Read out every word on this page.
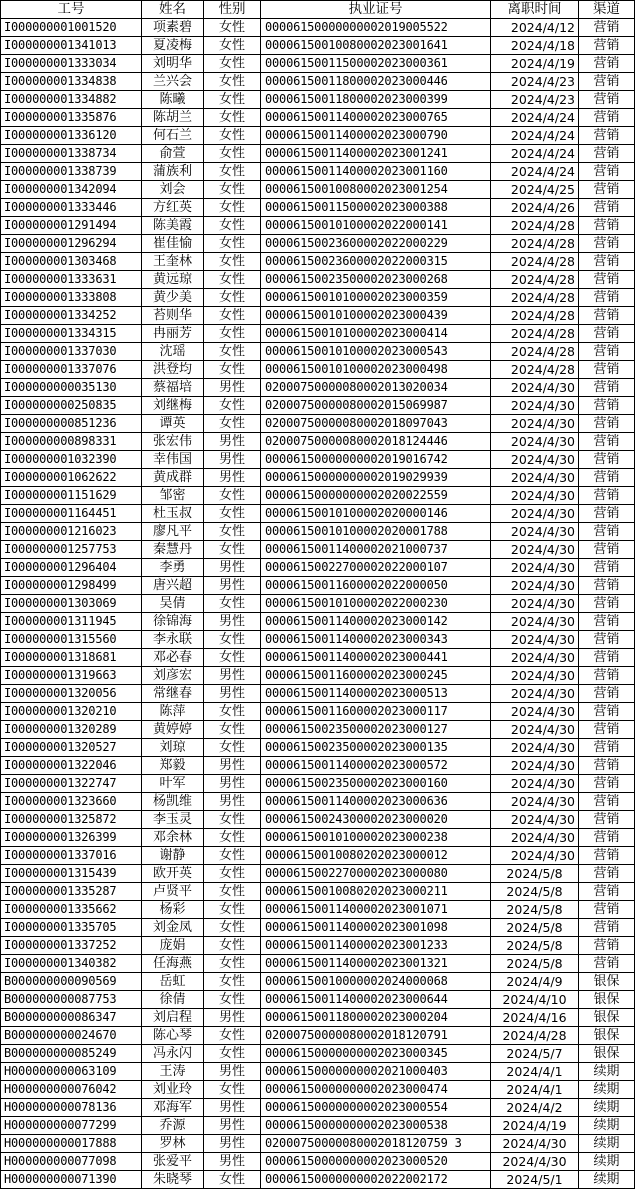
工号	姓名	性别	执业证号	离职时间	渠道
I000000001001520	项素碧	女性	00006150000000002019005522	2024/4/12	营销
I000000001341013	夏凌梅	女性	00006150010080002023001641	2024/4/18	营销
I000000001333034	刘明华	女性	00006150011500002023000361	2024/4/19	营销
I000000001334838	兰兴会	女性	00006150011800002023000446	2024/4/23	营销
I000000001334882	陈曦	女性	00006150011800002023000399	2024/4/23	营销
I000000001335876	陈胡兰	女性	00006150011400002023000765	2024/4/24	营销
I000000001336120	何石兰	女性	00006150011400002023000790	2024/4/24	营销
I000000001338734	俞萱	女性	00006150011400002023001241	2024/4/24	营销
I000000001338739	蒲族利	女性	00006150011400002023001160	2024/4/24	营销
I000000001342094	刘会	女性	00006150010080002023001254	2024/4/25	营销
I000000001333446	方红英	女性	00006150011500002023000388	2024/4/26	营销
I000000001291494	陈美霞	女性	00006150010100002022000141	2024/4/28	营销
I000000001296294	崔佳愉	女性	00006150023600002022000229	2024/4/28	营销
I000000001303468	王奎林	女性	00006150023600002022000315	2024/4/28	营销
I000000001333631	黄远琼	女性	00006150023500002023000268	2024/4/28	营销
I000000001333808	黄少美	女性	00006150010100002023000359	2024/4/28	营销
I000000001334252	苔则华	女性	00006150010100002023000439	2024/4/28	营销
I000000001334315	冉丽芳	女性	00006150010100002023000414	2024/4/28	营销
I000000001337030	沈瑶	女性	00006150010100002023000543	2024/4/28	营销
I000000001337076	洪登均	女性	00006150010100002023000498	2024/4/28	营销
I000000000035130	蔡福培	男性	02000750000080002013020034	2024/4/30	营销
I000000000250835	刘继梅	女性	02000750000080002015069987	2024/4/30	营销
I000000000851236	谭英	女性	02000750000080002018097043	2024/4/30	营销
I000000000898331	张宏伟	男性	02000750000080002018124446	2024/4/30	营销
I000000001032390	幸伟国	男性	00006150000000002019016742	2024/4/30	营销
I000000001062622	黄成群	男性	00006150000000002019029939	2024/4/30	营销
I000000001151629	邹密	女性	00006150000000002020022559	2024/4/30	营销
I000000001164451	杜玉叔	女性	00006150010100002020000146	2024/4/30	营销
I000000001216023	廖凡平	女性	00006150010100002020001788	2024/4/30	营销
I000000001257753	秦慧丹	女性	00006150011400002021000737	2024/4/30	营销
I000000001296404	李勇	男性	00006150022700002022000107	2024/4/30	营销
I000000001298499	唐兴超	男性	00006150011600002022000050	2024/4/30	营销
I000000001303069	吴倩	女性	00006150010100002022000230	2024/4/30	营销
I000000001311945	徐锦海	男性	00006150011400002023000142	2024/4/30	营销
I000000001315560	李永联	女性	00006150011400002023000343	2024/4/30	营销
I000000001318681	邓必春	女性	00006150011400002023000441	2024/4/30	营销
I000000001319663	刘彦宏	男性	00006150011600002023000245	2024/4/30	营销
I000000001320056	常继春	男性	00006150011400002023000513	2024/4/30	营销
I000000001320210	陈萍	女性	00006150011600002023000117	2024/4/30	营销
I000000001320289	黄婷婷	女性	00006150023500002023000127	2024/4/30	营销
I000000001320527	刘琼	女性	00006150023500002023000135	2024/4/30	营销
I000000001322046	郑毅	男性	00006150011400002023000572	2024/4/30	营销
I000000001322747	叶军	男性	00006150023500002023000160	2024/4/30	营销
I000000001323660	杨凯维	男性	00006150011400002023000636	2024/4/30	营销
I000000001325872	李玉灵	女性	00006150024300002023000020	2024/4/30	营销
I000000001326399	邓余林	女性	00006150010100002023000238	2024/4/30	营销
I000000001337016	谢静	女性	00006150010080202023000012	2024/4/30	营销
I000000001315439	欧开英	女性	00006150022700002023000080	2024/5/8	营销
I000000001335287	卢贤平	女性	00006150010080202023000211	2024/5/8	营销
I000000001335662	杨彩	女性	00006150011400002023001071	2024/5/8	营销
I000000001335705	刘金凤	女性	00006150011400002023001098	2024/5/8	营销
I000000001337252	庞娟	女性	00006150011400002023001233	2024/5/8	营销
I000000001340382	任海燕	女性	00006150011400002023001321	2024/5/8	营销
B000000000090569	岳虹	女性	00006150010000002024000068	2024/4/9	银保
B000000000087753	徐倩	女性	00006150011400002023000644	2024/4/10	银保
B000000000086347	刘启程	男性	00006150011800002023000204	2024/4/16	银保
B000000000024670	陈心琴	女性	02000750000080002018120791	2024/4/28	银保
B000000000085249	冯永闪	女性	00006150000000002023000345	2024/5/7	银保
H000000000063109	王涛	男性	00006150000000002021000403	2024/4/1	续期
H000000000076042	刘业玲	女性	00006150000000002023000474	2024/4/1	续期
H000000000078136	邓海军	男性	00006150000000002023000554	2024/4/2	续期
H000000000077299	乔源	男性	00006150000000002023000538	2024/4/19	续期
H000000000017888	罗林	男性	02000750000080002018120759 3	2024/4/30	续期
H000000000077098	张爱平	男性	00006150000000002023000520	2024/4/30	续期
H000000000071390	朱晓琴	女性	00006150000000002022002172	2024/5/1	续期
